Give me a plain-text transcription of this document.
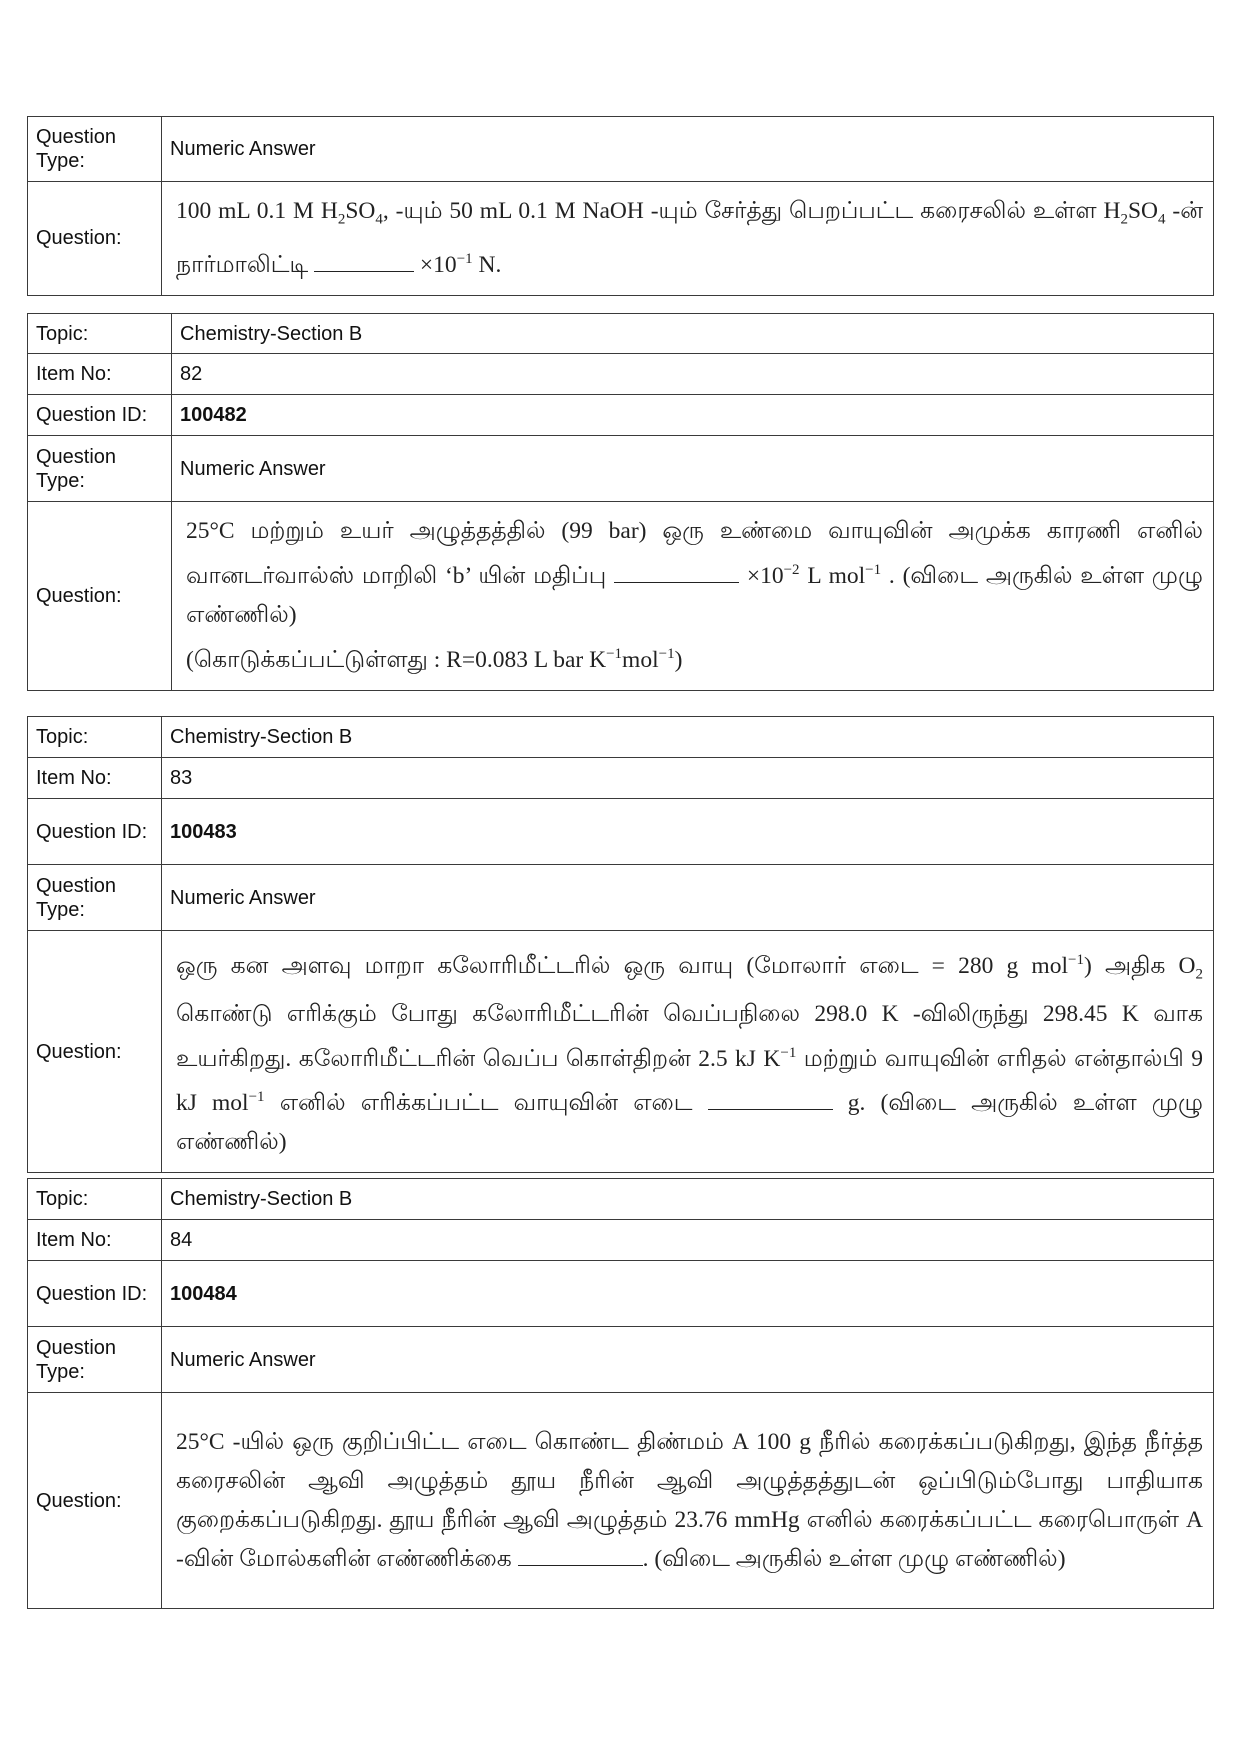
Question Type:	Numeric Answer
Question:	100 mL 0.1 M $H_2SO_4$, -யும் 50 mL 0.1 M NaOH -யும் சேர்த்து பெறப்பட்ட கரைசலில் உள்ள $H_2SO_4$ -ன் நார்மாலிட்டி $\times 10^{-1}$ N.
Topic:	Chemistry-Section B
Item No:	82
Question ID:	100482
Question Type:	Numeric Answer
Question:	25°C மற்றும் உயர் அழுத்தத்தில் (99 bar) ஒரு உண்மை வாயுவின் அமுக்க காரணி எனில் வானடர்வால்ஸ் மாறிலி ‘b’ யின் மதிப்பு $\times 10^{-2}$ L mol$^{-1}$ . (விடை அருகில் உள்ள முழு எண்ணில்)
(கொடுக்கப்பட்டுள்ளது : R=0.083 L bar $K^{-1}mol^{-1}$)
Topic:	Chemistry-Section B
Item No:	83
Question ID:	100483
Question Type:	Numeric Answer
Question:	ஒரு கன அளவு மாறா கலோரிமீட்டரில் ஒரு வாயு (மோலார் எடை = 280 g mol$^{-1}$) அதிக $O_2$ கொண்டு எரிக்கும் போது கலோரிமீட்டரின் வெப்பநிலை 298.0 K -விலிருந்து 298.45 K வாக உயர்கிறது. கலோரிமீட்டரின் வெப்ப கொள்திறன் 2.5 kJ $K^{-1}$ மற்றும் வாயுவின் எரிதல் என்தால்பி 9 kJ mol$^{-1}$ எனில் எரிக்கப்பட்ட வாயுவின் எடை g. (விடை அருகில் உள்ள முழு எண்ணில்)
Topic:	Chemistry-Section B
Item No:	84
Question ID:	100484
Question Type:	Numeric Answer
Question:	25°C -யில் ஒரு குறிப்பிட்ட எடை கொண்ட திண்மம் A 100 g நீரில் கரைக்கப்படுகிறது, இந்த நீர்த்த கரைசலின் ஆவி அழுத்தம் தூய நீரின் ஆவி அழுத்தத்துடன் ஒப்பிடும்போது பாதியாக குறைக்கப்படுகிறது. தூய நீரின் ஆவி அழுத்தம் 23.76 mmHg எனில் கரைக்கப்பட்ட கரைபொருள் A -வின் மோல்களின் எண்ணிக்கை . (விடை அருகில் உள்ள முழு எண்ணில்)
